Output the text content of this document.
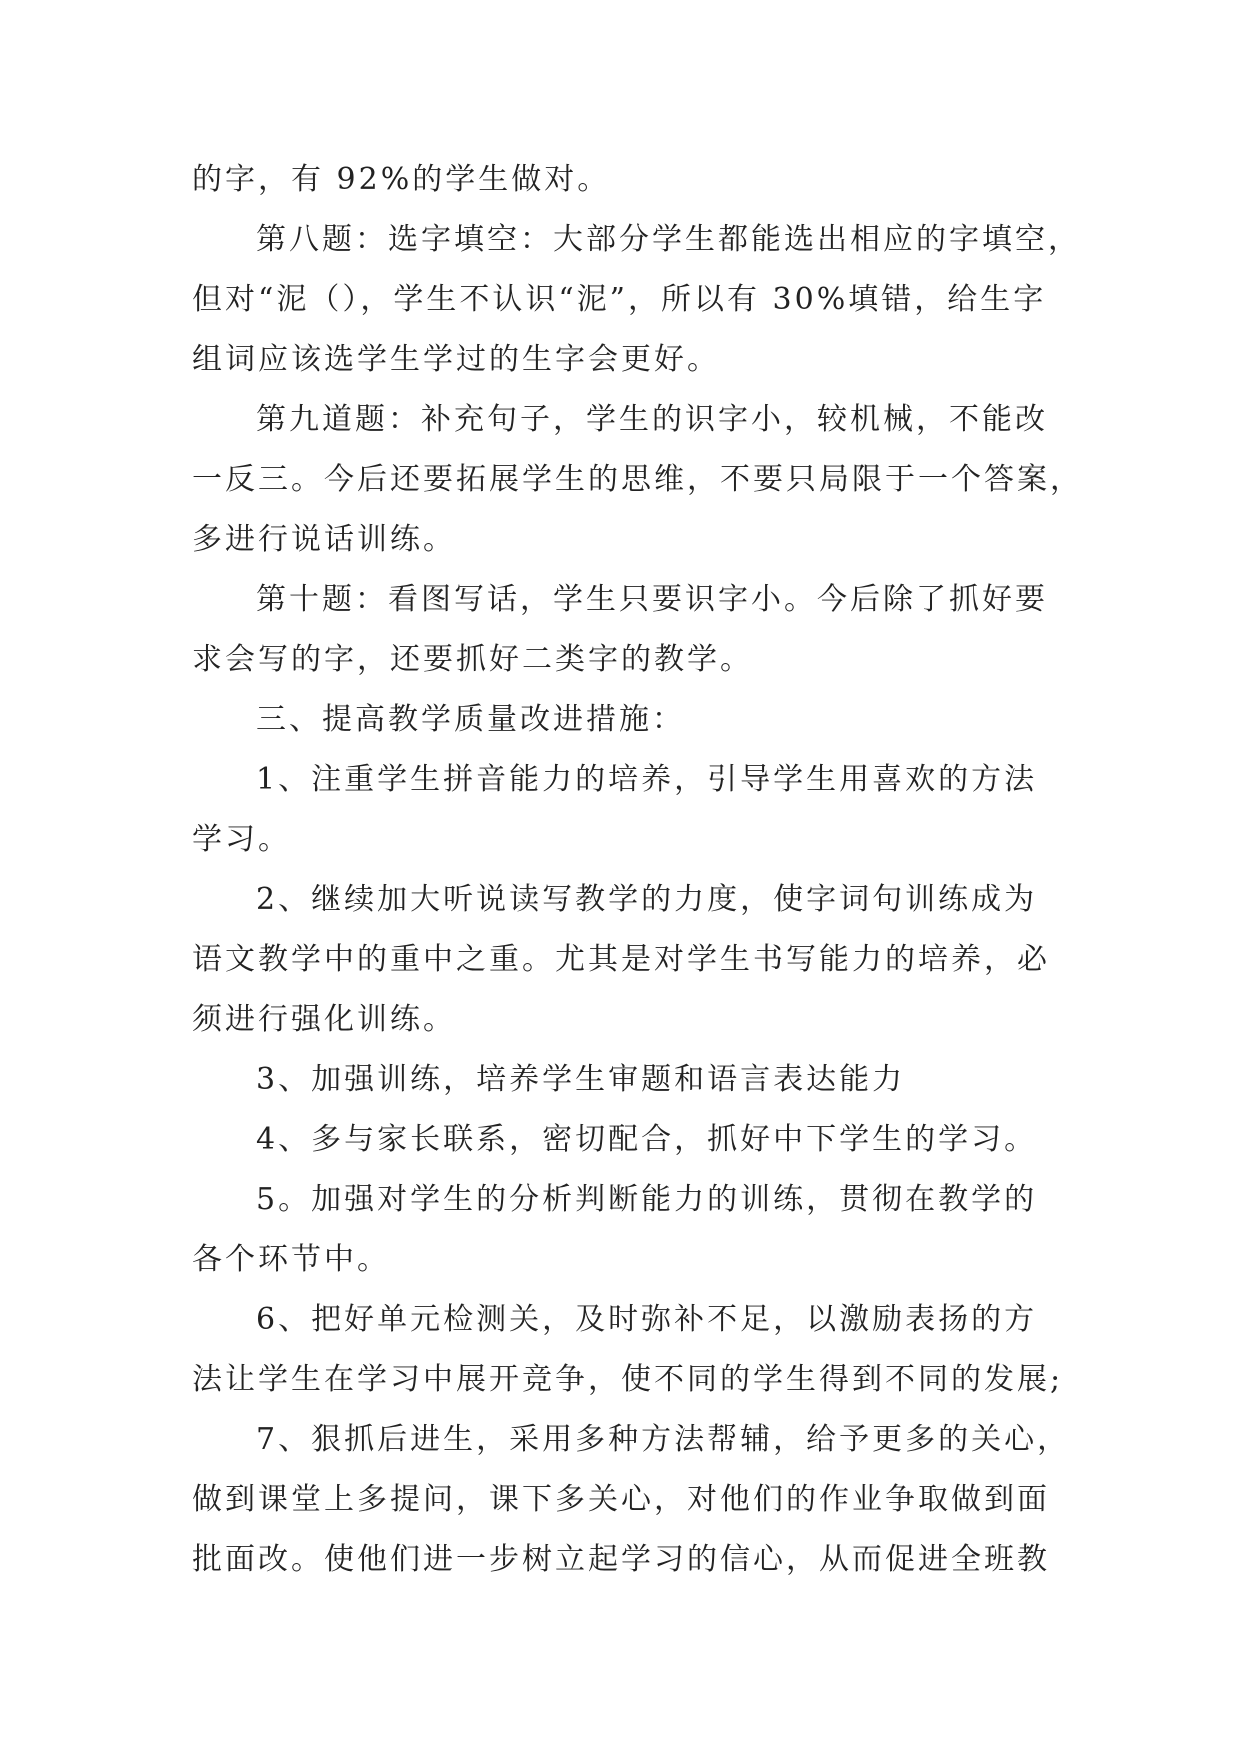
的字，有 92%的学生做对。
第八题：选字填空：大部分学生都能选出相应的字填空，
但对“泥（），学生不认识“泥”，所以有 30%填错，给生字
组词应该选学生学过的生字会更好。
第九道题：补充句子，学生的识字小，较机械，不能改
一反三。今后还要拓展学生的思维，不要只局限于一个答案，
多进行说话训练。
第十题：看图写话，学生只要识字小。今后除了抓好要
求会写的字，还要抓好二类字的教学。
三、提高教学质量改进措施：
1、注重学生拼音能力的培养，引导学生用喜欢的方法
学习。
2、继续加大听说读写教学的力度，使字词句训练成为
语文教学中的重中之重。尤其是对学生书写能力的培养，必
须进行强化训练。
3、加强训练，培养学生审题和语言表达能力
4、多与家长联系，密切配合，抓好中下学生的学习。
5。加强对学生的分析判断能力的训练，贯彻在教学的
各个环节中。
6、把好单元检测关，及时弥补不足，以激励表扬的方
法让学生在学习中展开竞争，使不同的学生得到不同的发展;
7、狠抓后进生，采用多种方法帮辅，给予更多的关心，
做到课堂上多提问，课下多关心，对他们的作业争取做到面
批面改。使他们进一步树立起学习的信心，从而促进全班教
